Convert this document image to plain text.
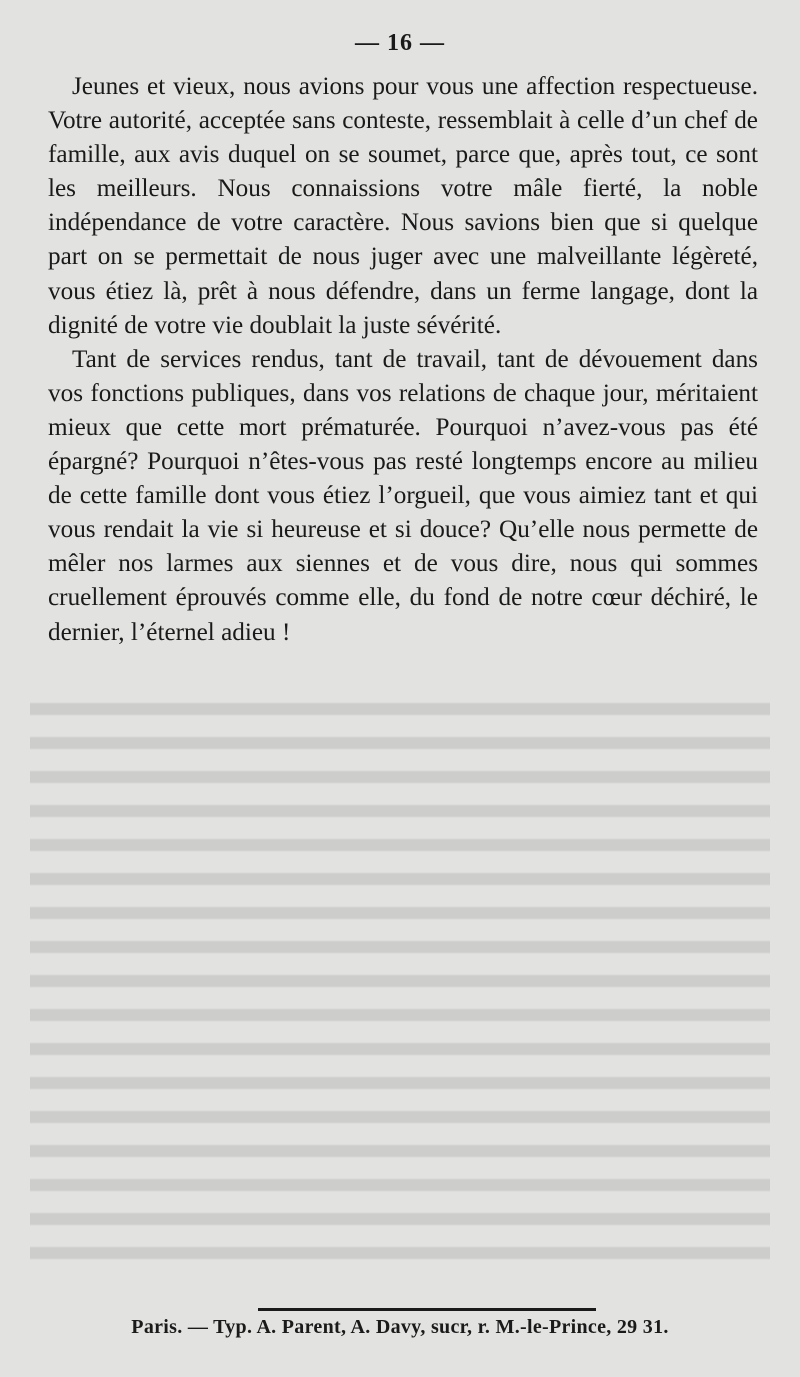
— 16 —

Jeunes et vieux, nous avions pour vous une affection respectueuse. Votre autorité, acceptée sans conteste, ressemblait à celle d’un chef de famille, aux avis duquel on se soumet, parce que, après tout, ce sont les meilleurs. Nous connaissions votre mâle fierté, la noble indépendance de votre caractère. Nous savions bien que si quelque part on se permettait de nous juger avec une malveillante légèreté, vous étiez là, prêt à nous défendre, dans un ferme langage, dont la dignité de votre vie doublait la juste sévérité.

Tant de services rendus, tant de travail, tant de dévouement dans vos fonctions publiques, dans vos relations de chaque jour, méritaient mieux que cette mort prématurée. Pourquoi n’avez-vous pas été épargné? Pourquoi n’êtes-vous pas resté longtemps encore au milieu de cette famille dont vous étiez l’orgueil, que vous aimiez tant et qui vous rendait la vie si heureuse et si douce? Qu’elle nous permette de mêler nos larmes aux siennes et de vous dire, nous qui sommes cruellement éprouvés comme elle, du fond de notre cœur déchiré, le dernier, l’éternel adieu !

Paris. — Typ. A. Parent, A. Davy, sucr, r. M.-le-Prince, 29 31.
